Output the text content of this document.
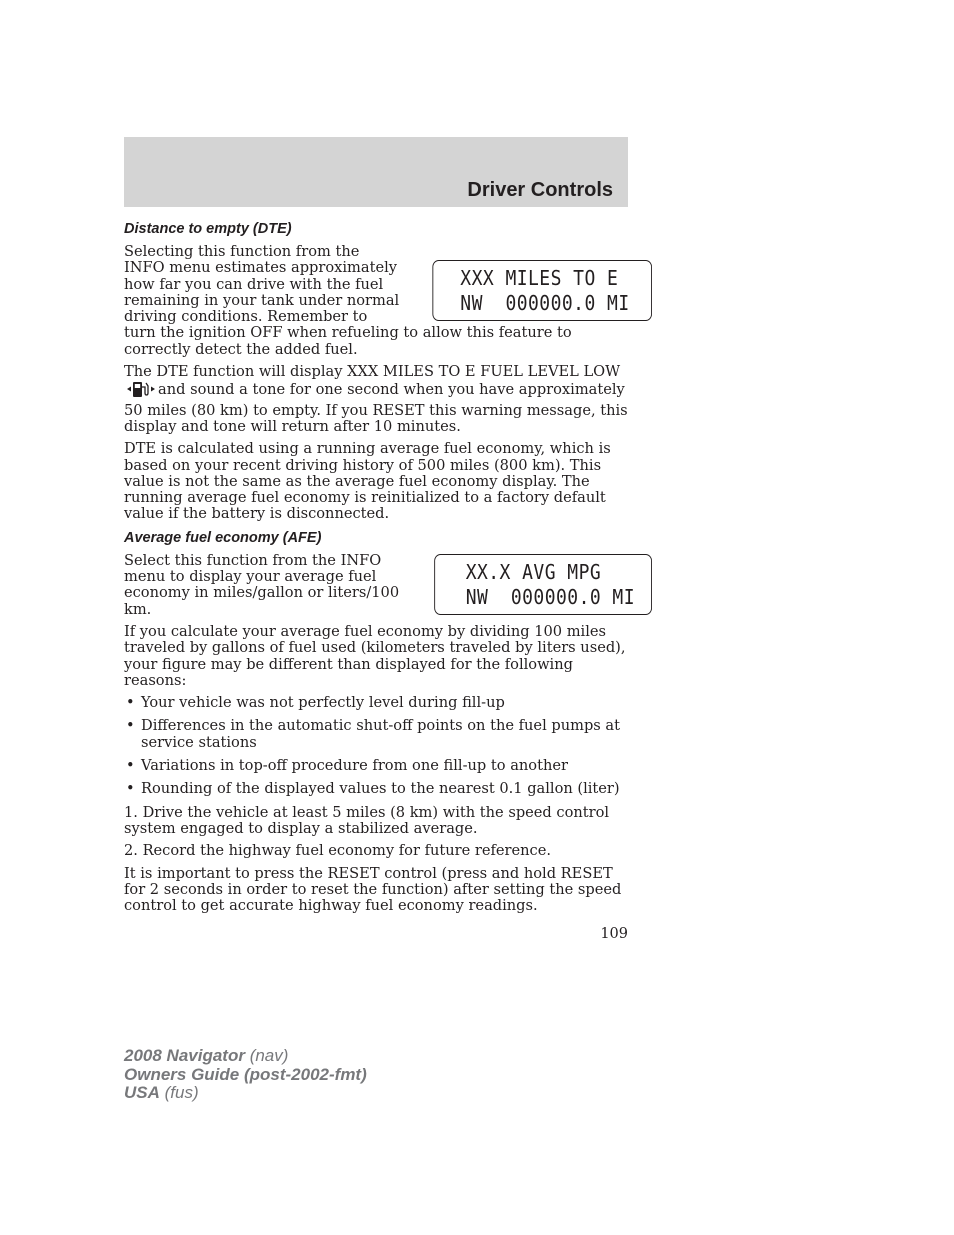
Driver Controls
Distance to empty (DTE)
XXX MILES TO E
NW  000000.0 MI

Selecting this function from the INFO menu estimates approximately how far you can drive with the fuel remaining in your tank under normal driving conditions. Remember to turn the ignition OFF when refueling to allow this feature to correctly detect the added fuel.

The DTE function will display XXX MILES TO E FUEL LEVEL LOWand sound a tone for one second when you have approximately 50 miles (80 km) to empty. If you RESET this warning message, this display and tone will return after 10 minutes.

DTE is calculated using a running average fuel economy, which is based on your recent driving history of 500 miles (800 km). This value is not the same as the average fuel economy display. The running average fuel economy is reinitialized to a factory default value if the battery is disconnected.

Average fuel economy (AFE)
XX.X AVG MPG
NW  000000.0 MI

Select this function from the INFO menu to display your average fuel economy in miles/gallon or liters/100 km.

If you calculate your average fuel economy by dividing 100 miles traveled by gallons of fuel used (kilometers traveled by liters used), your figure may be different than displayed for the following reasons:

• Your vehicle was not perfectly level during fill-up
• Differences in the automatic shut-off points on the fuel pumps at service stations
• Variations in top-off procedure from one fill-up to another
• Rounding of the displayed values to the nearest 0.1 gallon (liter)

1. Drive the vehicle at least 5 miles (8 km) with the speed control system engaged to display a stabilized average.

2. Record the highway fuel economy for future reference.

It is important to press the RESET control (press and hold RESET for 2 seconds in order to reset the function) after setting the speed control to get accurate highway fuel economy readings.

109
2008 Navigator (nav)
Owners Guide (post-2002-fmt)
USA (fus)
